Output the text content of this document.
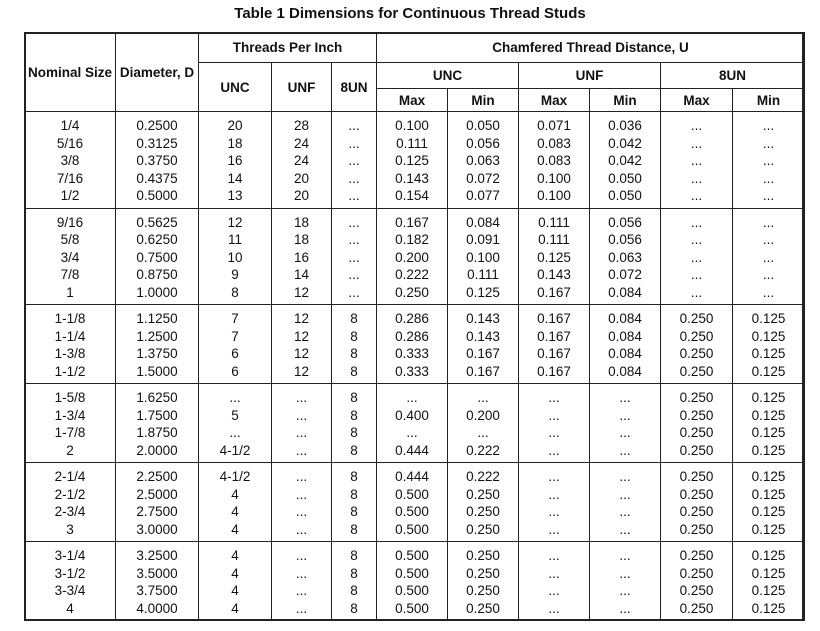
Table 1 Dimensions for Continuous Thread Studs
Nominal Size	Diameter, D	Threads Per Inch			Chamfered Thread Distance, U					
		UNC	UNF	8UN	UNC		UNF		8UN	
					Max	Min	Max	Min	Max	Min
1/4	0.2500	20	28	...	0.100	0.050	0.071	0.036	...	...
5/16	0.3125	18	24	...	0.111	0.056	0.083	0.042	...	...
3/8	0.3750	16	24	...	0.125	0.063	0.083	0.042	...	...
7/16	0.4375	14	20	...	0.143	0.072	0.100	0.050	...	...
1/2	0.5000	13	20	...	0.154	0.077	0.100	0.050	...	...
9/16	0.5625	12	18	...	0.167	0.084	0.111	0.056	...	...
5/8	0.6250	11	18	...	0.182	0.091	0.111	0.056	...	...
3/4	0.7500	10	16	...	0.200	0.100	0.125	0.063	...	...
7/8	0.8750	9	14	...	0.222	0.111	0.143	0.072	...	...
1	1.0000	8	12	...	0.250	0.125	0.167	0.084	...	...
1-1/8	1.1250	7	12	8	0.286	0.143	0.167	0.084	0.250	0.125
1-1/4	1.2500	7	12	8	0.286	0.143	0.167	0.084	0.250	0.125
1-3/8	1.3750	6	12	8	0.333	0.167	0.167	0.084	0.250	0.125
1-1/2	1.5000	6	12	8	0.333	0.167	0.167	0.084	0.250	0.125
1-5/8	1.6250	...	...	8	...	...	...	...	0.250	0.125
1-3/4	1.7500	5	...	8	0.400	0.200	...	...	0.250	0.125
1-7/8	1.8750	...	...	8	...	...	...	...	0.250	0.125
2	2.0000	4-1/2	...	8	0.444	0.222	...	...	0.250	0.125
2-1/4	2.2500	4-1/2	...	8	0.444	0.222	...	...	0.250	0.125
2-1/2	2.5000	4	...	8	0.500	0.250	...	...	0.250	0.125
2-3/4	2.7500	4	...	8	0.500	0.250	...	...	0.250	0.125
3	3.0000	4	...	8	0.500	0.250	...	...	0.250	0.125
3-1/4	3.2500	4	...	8	0.500	0.250	...	...	0.250	0.125
3-1/2	3.5000	4	...	8	0.500	0.250	...	...	0.250	0.125
3-3/4	3.7500	4	...	8	0.500	0.250	...	...	0.250	0.125
4	4.0000	4	...	8	0.500	0.250	...	...	0.250	0.125
